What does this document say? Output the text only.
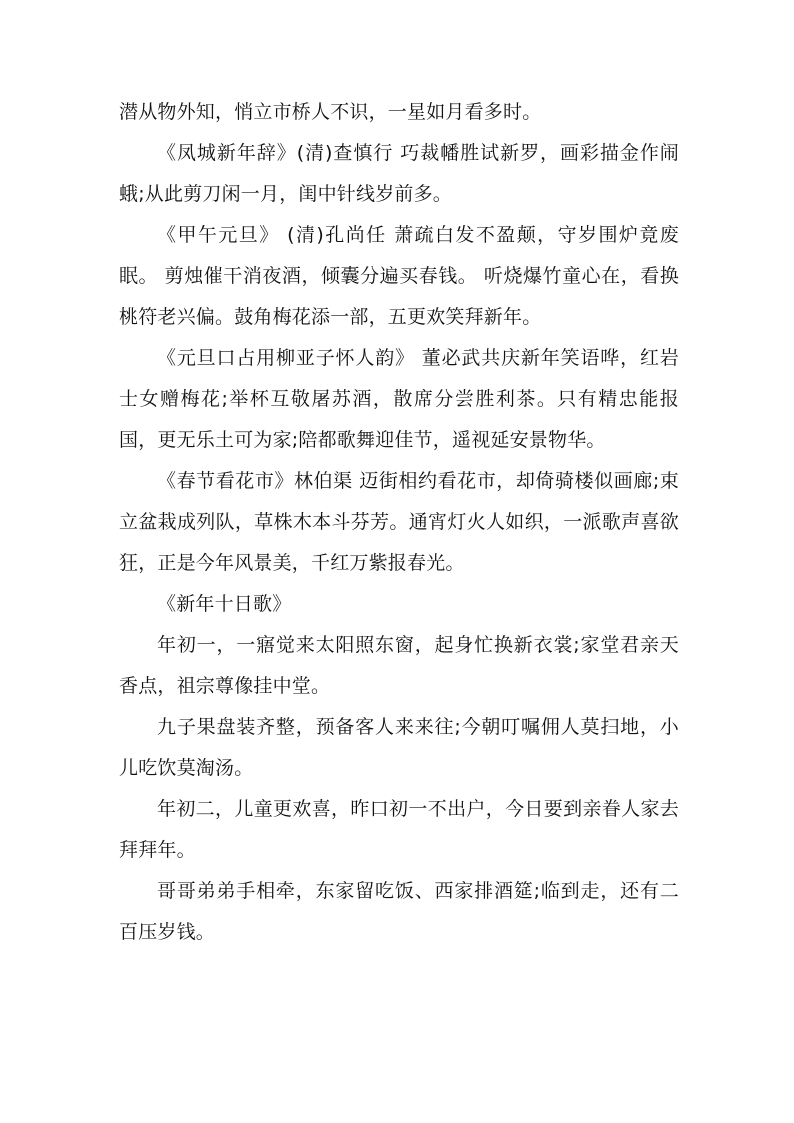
潜从物外知，悄立市桥人不识，一星如月看多时。

《凤城新年辞》(清)查慎行 巧裁幡胜试新罗，画彩描金作闹蛾;从此剪刀闲一月，闺中针线岁前多。

《甲午元旦》 (清)孔尚任 萧疏白发不盈颠，守岁围炉竟废眠。 剪烛催干消夜酒，倾囊分遍买春钱。 听烧爆竹童心在，看换桃符老兴偏。鼓角梅花添一部，五更欢笑拜新年。

《元旦口占用柳亚子怀人韵》 董必武共庆新年笑语哗，红岩士女赠梅花;举杯互敬屠苏酒，散席分尝胜利茶。只有精忠能报国，更无乐土可为家;陪都歌舞迎佳节，遥视延安景物华。

《春节看花市》林伯渠 迈街相约看花市，却倚骑楼似画廊;束立盆栽成列队，草株木本斗芬芳。通宵灯火人如织，一派歌声喜欲狂，正是今年风景美，千红万紫报春光。

《新年十日歌》

年初一，一寤觉来太阳照东窗，起身忙换新衣裳;家堂君亲天香点，祖宗尊像挂中堂。

九子果盘装齐整，预备客人来来往;今朝叮嘱佣人莫扫地，小儿吃饮莫淘汤。

年初二，儿童更欢喜，昨口初一不出户，今日要到亲眷人家去拜拜年。

哥哥弟弟手相牵，东家留吃饭、西家排酒筵;临到走，还有二百压岁钱。
